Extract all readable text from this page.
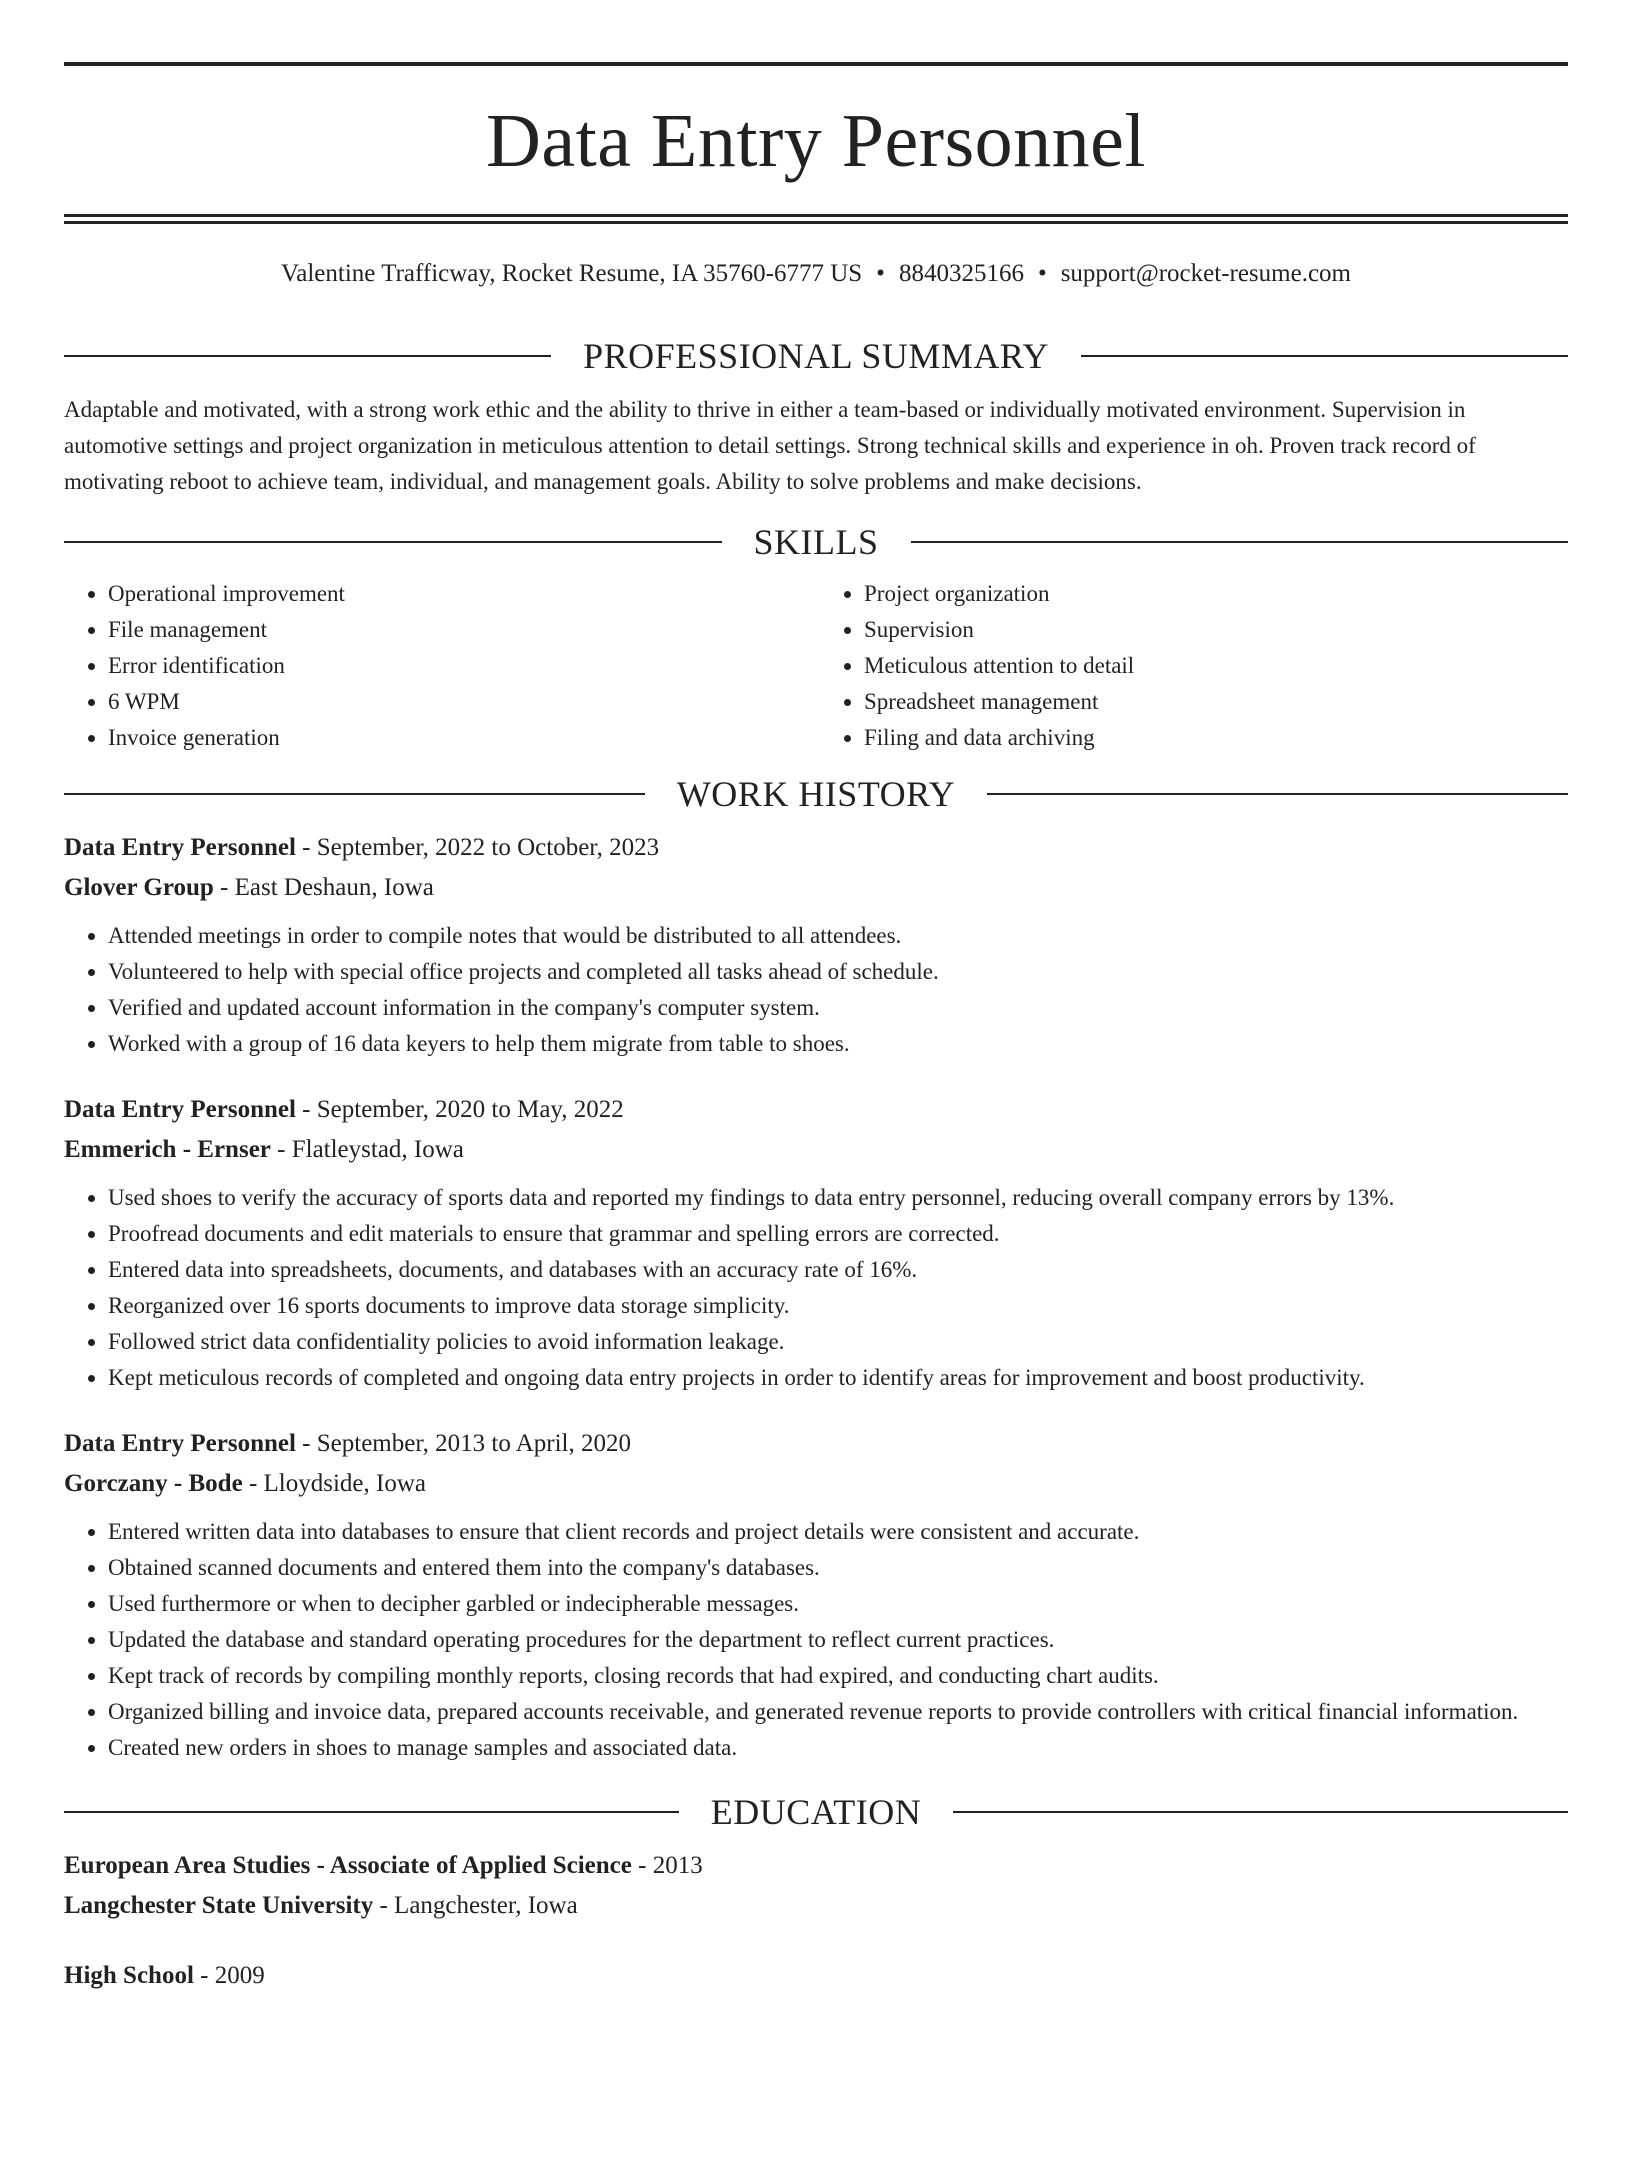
Data Entry Personnel
Valentine Trafficway, Rocket Resume, IA 35760-6777 US • 8840325166 • support@rocket-resume.com
PROFESSIONAL SUMMARY

Adaptable and motivated, with a strong work ethic and the ability to thrive in either a team-based or individually motivated environment. Supervision in automotive settings and project organization in meticulous attention to detail settings. Strong technical skills and experience in oh. Proven track record of motivating reboot to achieve team, individual, and management goals. Ability to solve problems and make decisions.

SKILLS
• Operational improvement
• File management
• Error identification
• 6 WPM
• Invoice generation
• Project organization
• Supervision
• Meticulous attention to detail
• Spreadsheet management
• Filing and data archiving
WORK HISTORY

Data Entry Personnel - September, 2022 to October, 2023

Glover Group - East Deshaun, Iowa

• Attended meetings in order to compile notes that would be distributed to all attendees.
• Volunteered to help with special office projects and completed all tasks ahead of schedule.
• Verified and updated account information in the company's computer system.
• Worked with a group of 16 data keyers to help them migrate from table to shoes.

Data Entry Personnel - September, 2020 to May, 2022

Emmerich - Ernser - Flatleystad, Iowa

• Used shoes to verify the accuracy of sports data and reported my findings to data entry personnel, reducing overall company errors by 13%.
• Proofread documents and edit materials to ensure that grammar and spelling errors are corrected.
• Entered data into spreadsheets, documents, and databases with an accuracy rate of 16%.
• Reorganized over 16 sports documents to improve data storage simplicity.
• Followed strict data confidentiality policies to avoid information leakage.
• Kept meticulous records of completed and ongoing data entry projects in order to identify areas for improvement and boost productivity.

Data Entry Personnel - September, 2013 to April, 2020

Gorczany - Bode - Lloydside, Iowa

• Entered written data into databases to ensure that client records and project details were consistent and accurate.
• Obtained scanned documents and entered them into the company's databases.
• Used furthermore or when to decipher garbled or indecipherable messages.
• Updated the database and standard operating procedures for the department to reflect current practices.
• Kept track of records by compiling monthly reports, closing records that had expired, and conducting chart audits.
• Organized billing and invoice data, prepared accounts receivable, and generated revenue reports to provide controllers with critical financial information.
• Created new orders in shoes to manage samples and associated data.
EDUCATION

European Area Studies - Associate of Applied Science - 2013

Langchester State University - Langchester, Iowa

High School - 2009
